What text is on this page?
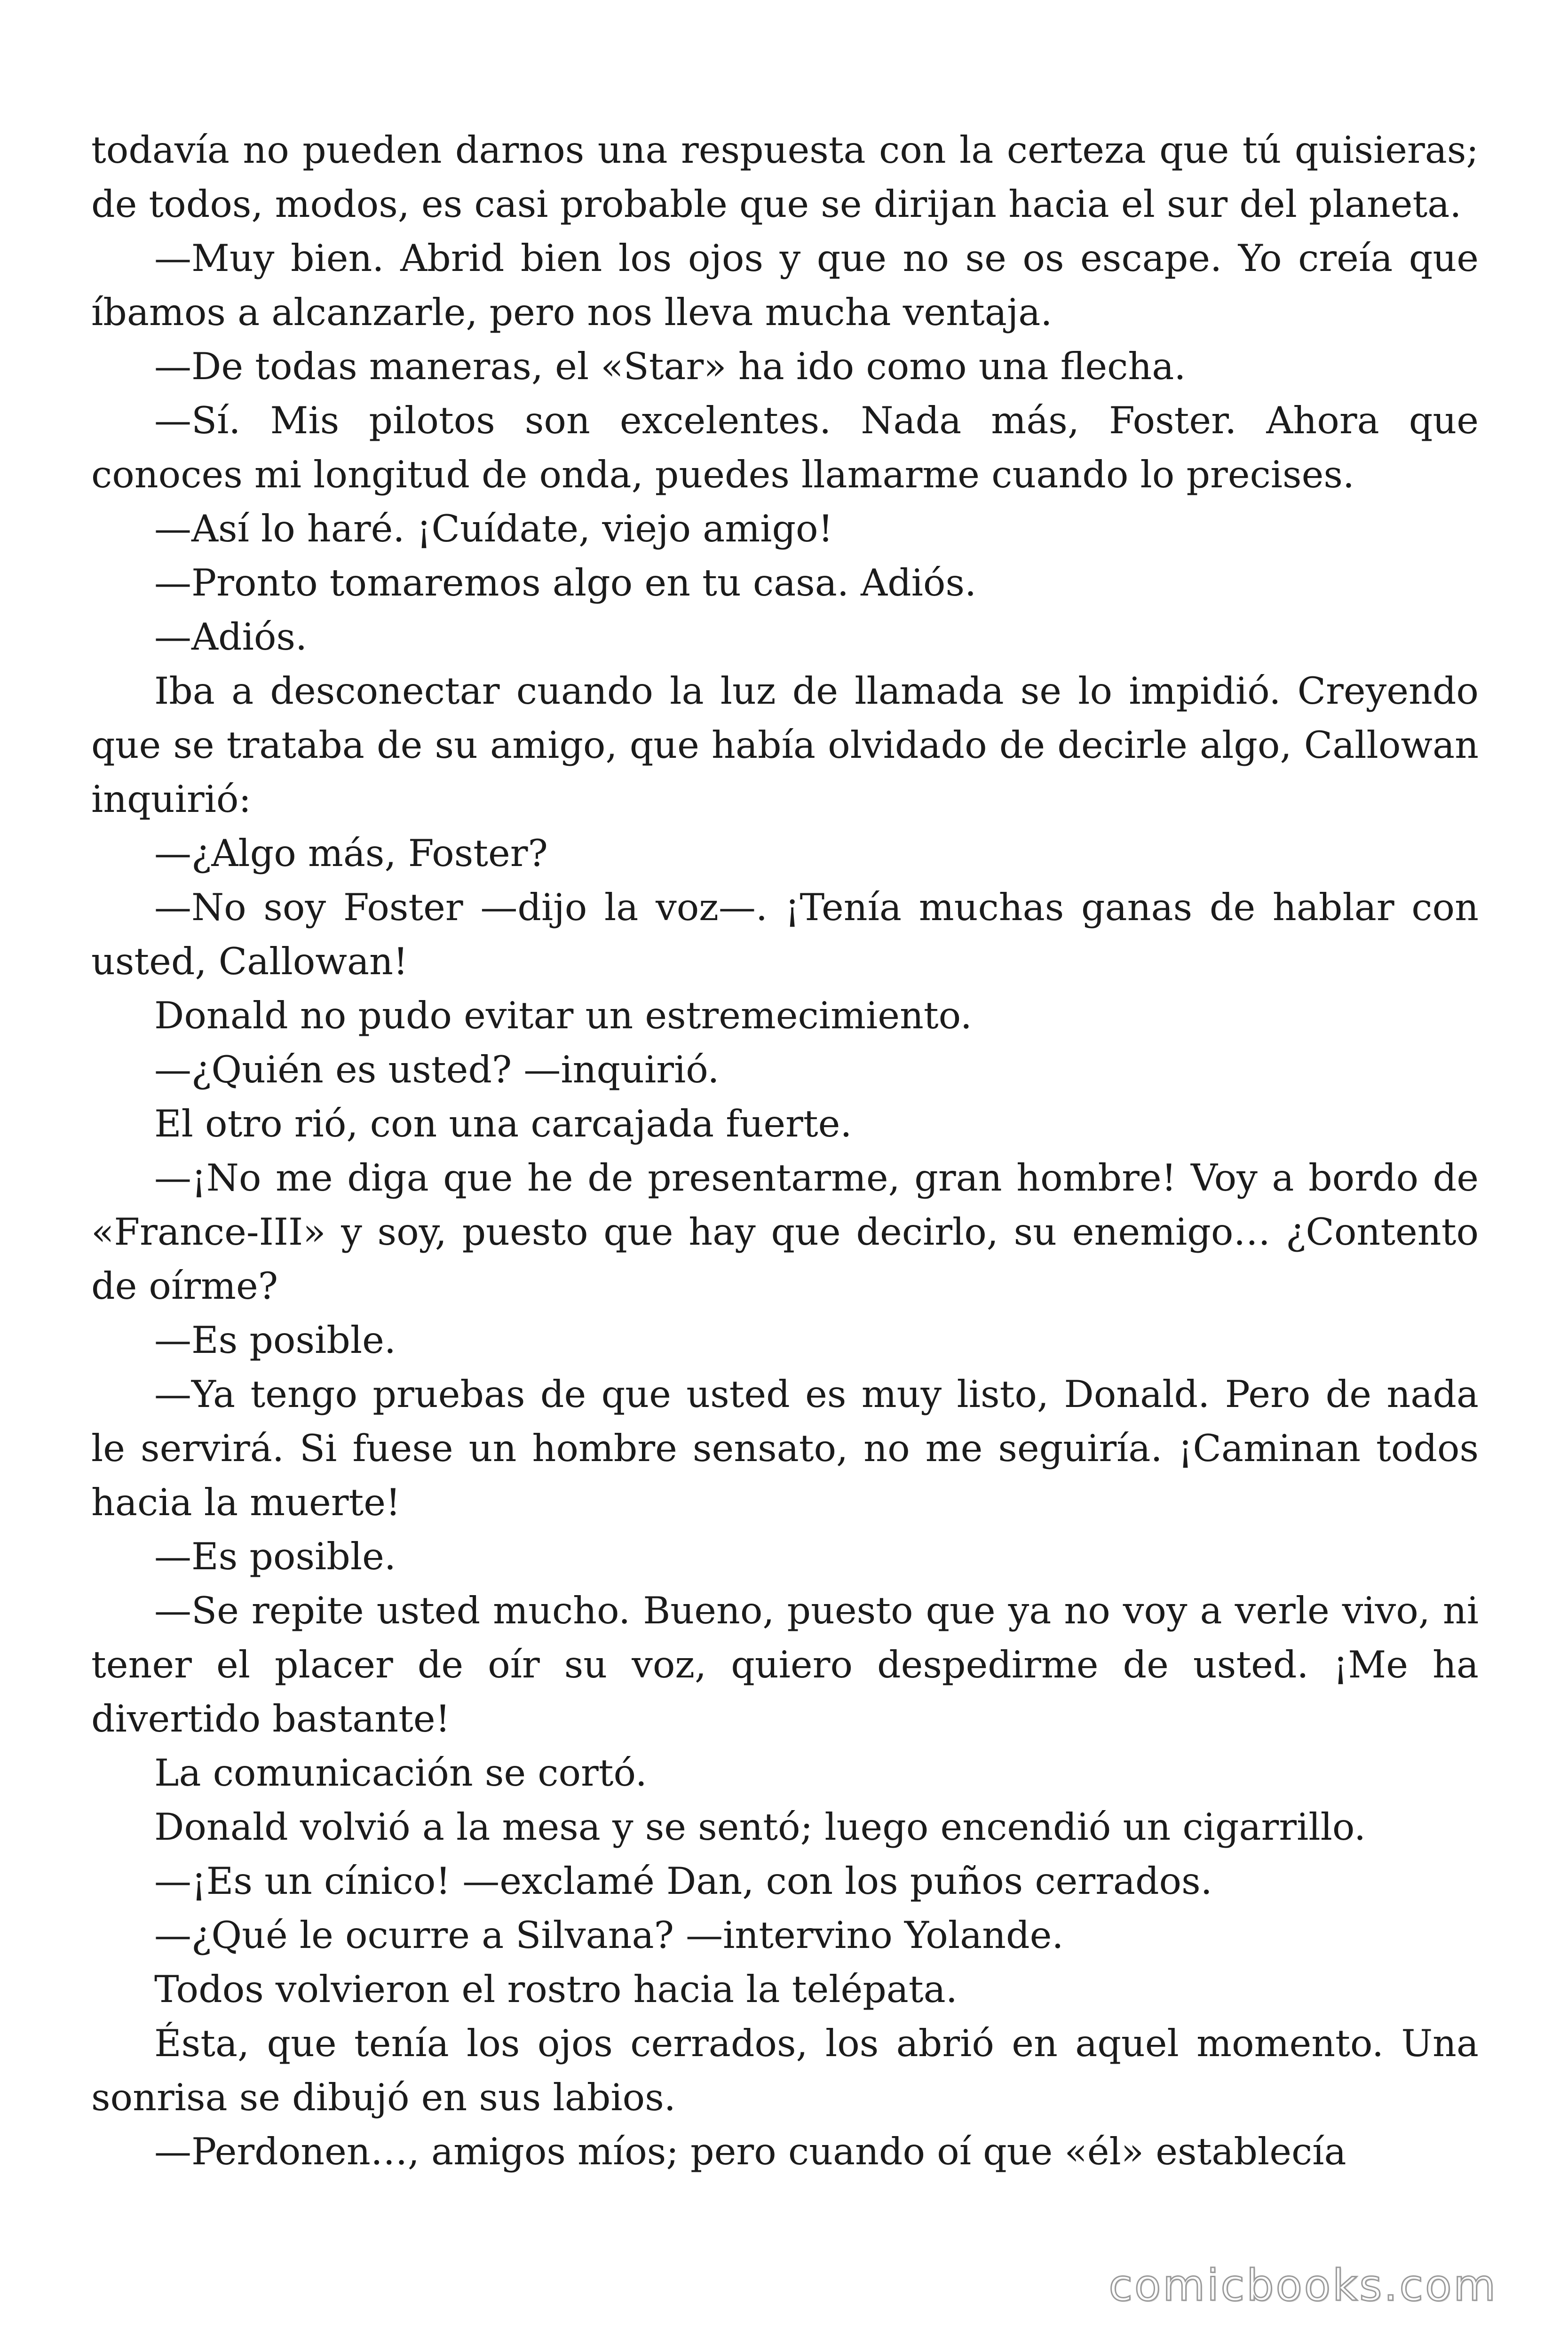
todavía no pueden darnos una respuesta con la certeza que tú quisieras; de todos, modos, es casi probable que se dirijan hacia el sur del planeta.

—Muy bien. Abrid bien los ojos y que no se os escape. Yo creía que íbamos a alcanzarle, pero nos lleva mucha ventaja.

—De todas maneras, el «Star» ha ido como una flecha.

—Sí. Mis pilotos son excelentes. Nada más, Foster. Ahora que conoces mi longitud de onda, puedes llamarme cuando lo precises.

—Así lo haré. ¡Cuídate, viejo amigo!

—Pronto tomaremos algo en tu casa. Adiós.

—Adiós.

Iba a desconectar cuando la luz de llamada se lo impidió. Creyendo que se trataba de su amigo, que había olvidado de decirle algo, Callowan inquirió:

—¿Algo más, Foster?

—No soy Foster —dijo la voz—. ¡Tenía muchas ganas de hablar con usted, Callowan!

Donald no pudo evitar un estremecimiento.

—¿Quién es usted? —inquirió.

El otro rió, con una carcajada fuerte.

—¡No me diga que he de presentarme, gran hombre! Voy a bordo de «France-III» y soy, puesto que hay que decirlo, su enemigo… ¿Contento de oírme?

—Es posible.

—Ya tengo pruebas de que usted es muy listo, Donald. Pero de nada le servirá. Si fuese un hombre sensato, no me seguiría. ¡Caminan todos hacia la muerte!

—Es posible.

—Se repite usted mucho. Bueno, puesto que ya no voy a verle vivo, ni tener el placer de oír su voz, quiero despedirme de usted. ¡Me ha divertido bastante!

La comunicación se cortó.

Donald volvió a la mesa y se sentó; luego encendió un cigarrillo.

—¡Es un cínico! —exclamé Dan, con los puños cerrados.

—¿Qué le ocurre a Silvana? —intervino Yolande.

Todos volvieron el rostro hacia la telépata.

Ésta, que tenía los ojos cerrados, los abrió en aquel momento. Una sonrisa se dibujó en sus labios.

—Perdonen…, amigos míos; pero cuando oí que «él» establecía

comicbooks.com
